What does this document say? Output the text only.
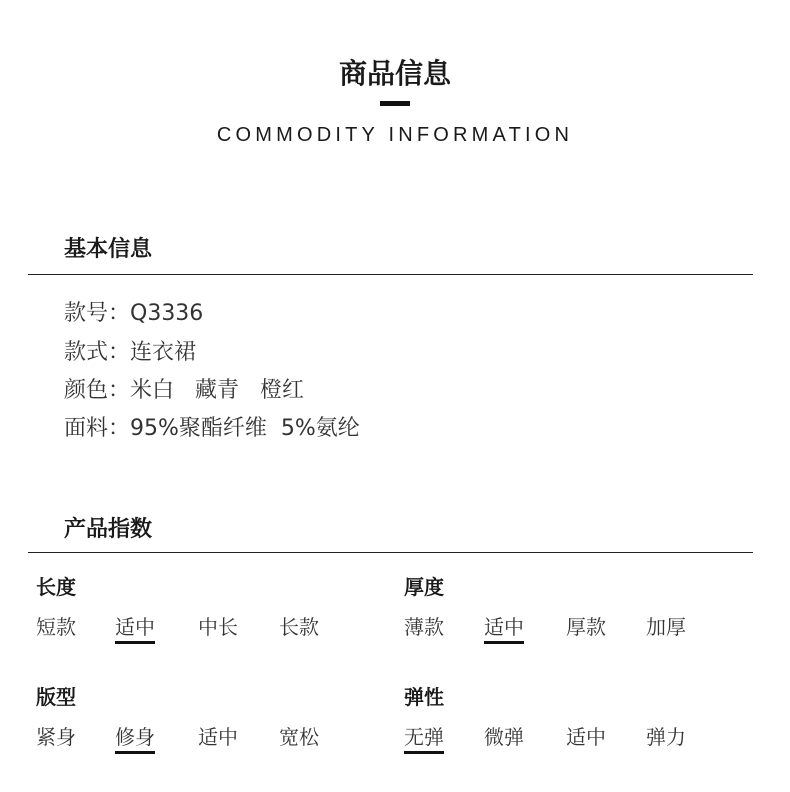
商品信息
COMMODITY INFORMATION
基本信息
款号：Q3336
款式：连衣裙
颜色：米白   藏青   橙红
面料：95%聚酯纤维  5%氨纶
产品指数
长度
短款 适中 中长 长款
厚度
薄款 适中 厚款 加厚
版型
紧身 修身 适中 宽松
弹性
无弹 微弹 适中 弹力
